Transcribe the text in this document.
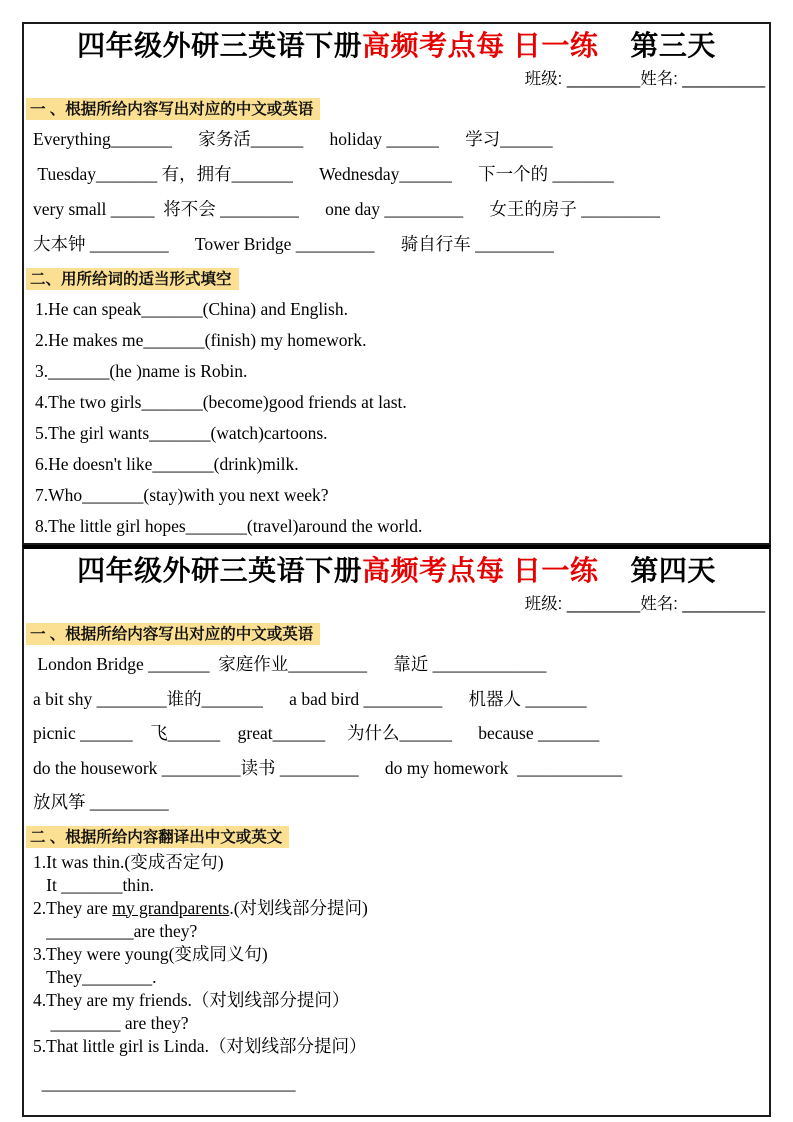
四年级外研三英语下册高频考点每 日一练 第三天
班级: ________姓名: _________
一 、根据所给内容写出对应的中文或英语
Everything_______      家务活______      holiday ______      学习______
Tuesday_______ 有，拥有_______      Wednesday______      下一个的 _______
very small _____  将不会 _________      one day _________      女王的房子 _________
大本钟 _________      Tower Bridge _________      骑自行车 _________
二、用所给词的适当形式填空
1.He can speak_______(China) and English.
2.He makes me_______(finish) my homework.
3._______(he )name is Robin.
4.The two girls_______(become)good friends at last.
5.The girl wants_______(watch)cartoons.
6.He doesn't like_______(drink)milk.
7.Who_______(stay)with you next week?
8.The little girl hopes_______(travel)around the world.
四年级外研三英语下册高频考点每 日一练 第四天
班级: ________姓名: _________
一 、根据所给内容写出对应的中文或英语
London Bridge _______  家庭作业_________      靠近 _____________
a bit shy ________谁的_______      a bad bird _________      机器人 _______
picnic ______    飞______    great______     为什么______      because _______
do the housework _________读书 _________      do my homework  ____________
放风筝 _________
二 、根据所给内容翻译出中文或英文
1.It was thin.(变成否定句)
It _______thin.
2.They are my grandparents.(对划线部分提问)
__________are they?
3.They were young(变成同义句)
They________.
4.They are my friends.（对划线部分提问）
________ are they?
5.That little girl is Linda.（对划线部分提问）
_____________________________
